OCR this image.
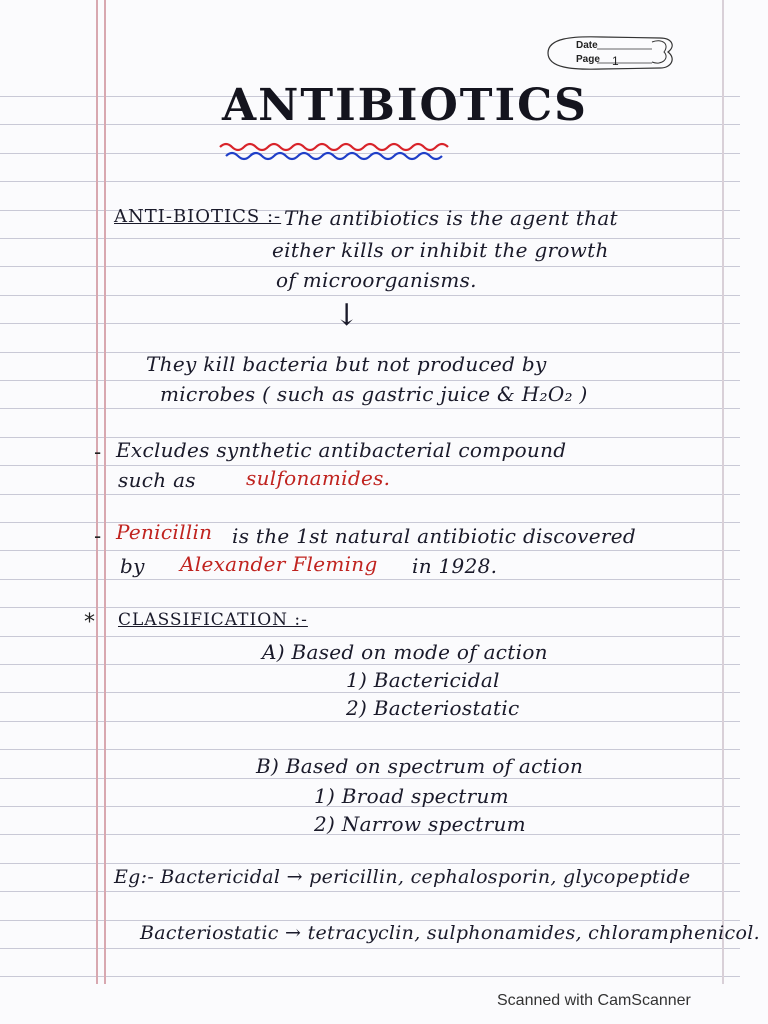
Date
Page 1
ANTIBIOTICS
ANTI-BIOTICS :- The antibiotics is the agent that
either kills or inhibit the growth
of microorganisms.
↓
They kill bacteria but not produced by
microbes ( such as gastric juice & H₂O₂ )
- Excludes synthetic antibacterial compound
such as	sulfonamides.
- Penicillin is the 1st natural antibiotic discovered
by Alexander Fleming in 1928.
* CLASSIFICATION :-
A) Based on mode of action
1) Bactericidal
2) Bacteriostatic
B) Based on spectrum of action
1) Broad spectrum
2) Narrow spectrum
Eg:- Bactericidal → pericillin, cephalosporin, glycopeptide
Bacteriostatic → tetracyclin, sulphonamides, chloramphenicol.
Scanned with CamScanner
